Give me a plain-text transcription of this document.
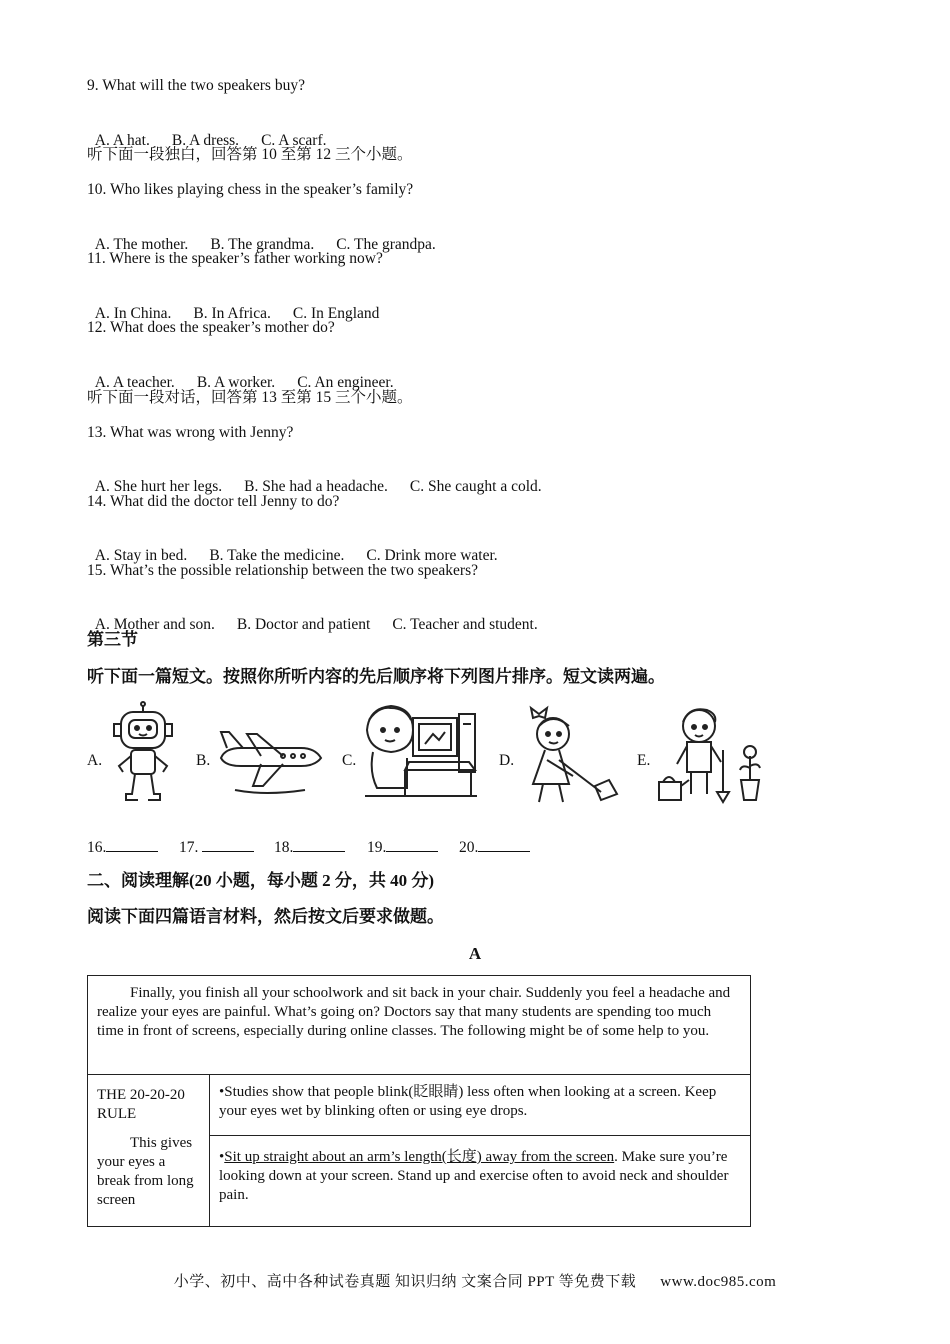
9. What will the two speakers buy?

A. A hat. B. A dress. C. A scarf.

听下面一段独白，回答第 10 至第 12 三个小题。
10. Who likes playing chess in the speaker’s family?

A. The mother. B. The grandma. C. The grandpa.

11. Where is the speaker’s father working now?

A. In China. B. In Africa. C. In England

12. What does the speaker’s mother do?

A. A teacher. B. A worker. C. An engineer.

听下面一段对话，回答第 13 至第 15 三个小题。
13. What was wrong with Jenny?

A. She hurt her legs. B. She had a headache. C. She caught a cold.

14. What did the doctor tell Jenny to do?

A. Stay in bed. B. Take the medicine. C. Drink more water.

15. What’s the possible relationship between the two speakers?

A. Mother and son. B. Doctor and patient C. Teacher and student.

第三节
听下面一篇短文。按照你所听内容的先后顺序将下列图片排序。短文读两遍。
A.	B.	C.	D.	E.
16.	17.	18.	19.	20.
二、阅读理解(20 小题，每小题 2 分，共 40 分)
阅读下面四篇语言材料，然后按文后要求做题。
A
Finally, you finish all your schoolwork and sit back in your chair. Suddenly you feel a headache and realize your eyes are painful. What’s going on? Doctors say that many students are spending too much time in front of screens, especially during online classes. The following might be of some help to you.

THE 20-20-20 RULE
This gives your eyes a break from long screen
	•Studies show that people blink(眨眼睛) less often when looking at a screen. Keep your eyes wet by blinking often or using eye drops.
•Sit up straight about an arm’s length(长度) away from the screen. Make sure you’re looking down at your screen. Stand up and exercise often to avoid neck and shoulder pain.
小学、初中、高中各种试卷真题 知识归纳 文案合同 PPT 等免费下载 www.doc985.com
